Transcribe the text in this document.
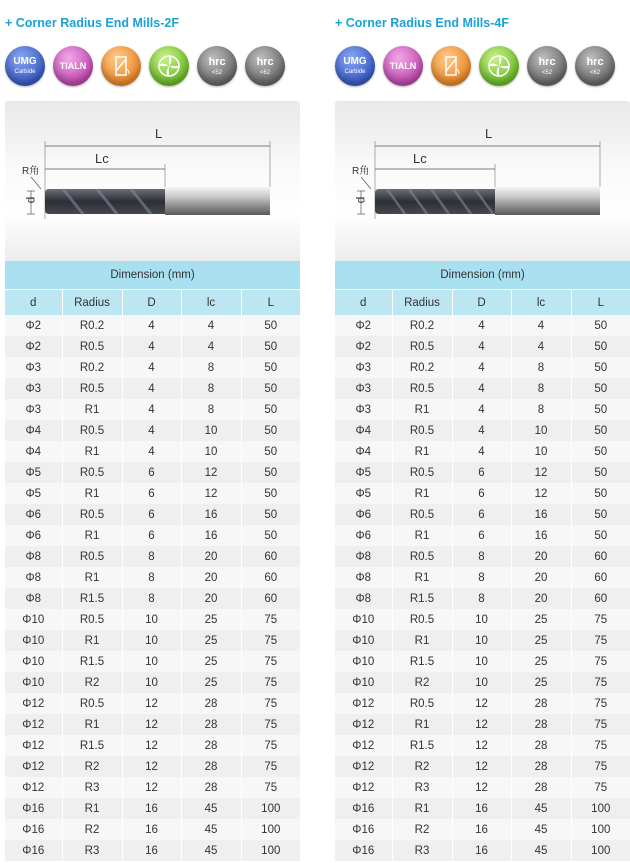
+ Corner Radius End Mills-2F
UMG
Carbide
TIALN	hrc
<52
hrc
<62
L
Lc
R角
d
Dimension (mm)				
d	Radius	D	lc	L
Φ2	R0.2	4	4	50
Φ2	R0.5	4	4	50
Φ3	R0.2	4	8	50
Φ3	R0.5	4	8	50
Φ3	R1	4	8	50
Φ4	R0.5	4	10	50
Φ4	R1	4	10	50
Φ5	R0.5	6	12	50
Φ5	R1	6	12	50
Φ6	R0.5	6	16	50
Φ6	R1	6	16	50
Φ8	R0.5	8	20	60
Φ8	R1	8	20	60
Φ8	R1.5	8	20	60
Φ10	R0.5	10	25	75
Φ10	R1	10	25	75
Φ10	R1.5	10	25	75
Φ10	R2	10	25	75
Φ12	R0.5	12	28	75
Φ12	R1	12	28	75
Φ12	R1.5	12	28	75
Φ12	R2	12	28	75
Φ12	R3	12	28	75
Φ16	R1	16	45	100
Φ16	R2	16	45	100
Φ16	R3	16	45	100
+ Corner Radius End Mills-4F
UMG
Carbide
TIALN	hrc
<52
hrc
<62
L
Lc
R角
d
Dimension (mm)				
d	Radius	D	lc	L
Φ2	R0.2	4	4	50
Φ2	R0.5	4	4	50
Φ3	R0.2	4	8	50
Φ3	R0.5	4	8	50
Φ3	R1	4	8	50
Φ4	R0.5	4	10	50
Φ4	R1	4	10	50
Φ5	R0.5	6	12	50
Φ5	R1	6	12	50
Φ6	R0.5	6	16	50
Φ6	R1	6	16	50
Φ8	R0.5	8	20	60
Φ8	R1	8	20	60
Φ8	R1.5	8	20	60
Φ10	R0.5	10	25	75
Φ10	R1	10	25	75
Φ10	R1.5	10	25	75
Φ10	R2	10	25	75
Φ12	R0.5	12	28	75
Φ12	R1	12	28	75
Φ12	R1.5	12	28	75
Φ12	R2	12	28	75
Φ12	R3	12	28	75
Φ16	R1	16	45	100
Φ16	R2	16	45	100
Φ16	R3	16	45	100
